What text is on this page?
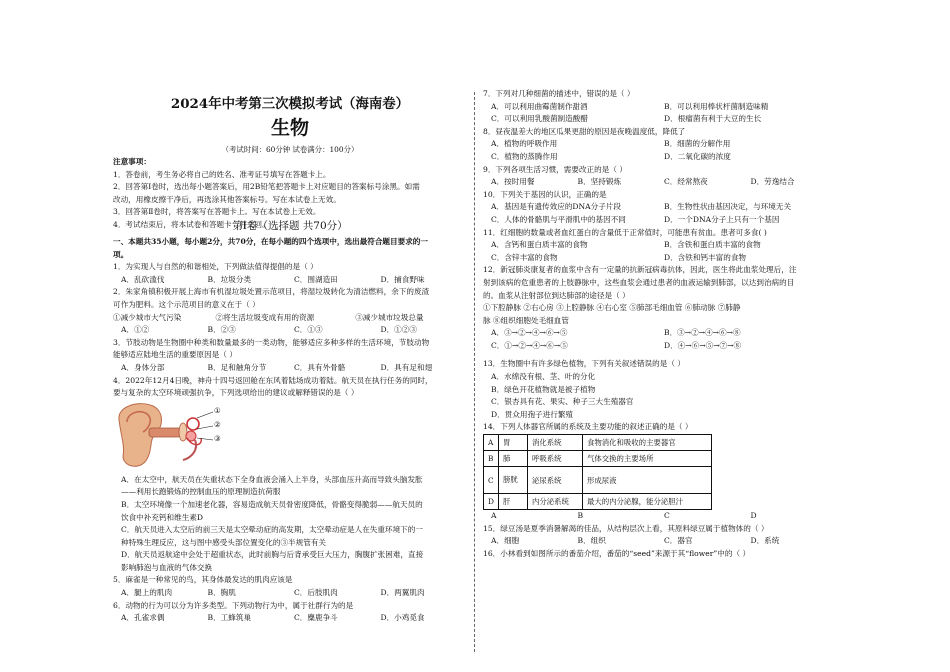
2024年中考第三次模拟考试（海南卷）
生物
（考试时间：60分钟 试卷满分：100分）
注意事项：
1．答卷前，考生务必将自己的姓名、准考证号填写在答题卡上。
2．回答第Ⅰ卷时，选出每小题答案后，用2B铅笔把答题卡上对应题目的答案标号涂黑。如需
改动，用橡皮擦干净后，再选涂其他答案标号。写在本试卷上无效。
3．回答第Ⅱ卷时，将答案写在答题卡上。写在本试卷上无效。
4．考试结束后，将本试卷和答题卡一并交回。
第Ⅰ卷（选择题 共70分）
一、本题共35小题，每小题2分，共70分，在每小题的四个选项中，选出最符合题目要求的一
项。
1．为实现人与自然的和谐相处，下列做法值得提倡的是（ ）
A．乱砍滥伐	B．垃圾分类	C．围湖造田	D．捕食野味
2．朱家角镇积极开展上海市有机湿垃圾处置示范项目，将湿垃圾转化为清洁燃料，余下的废渣
可作为肥料。这个示范项目的意义在于（ ）
①减少城市大气污染	②将生活垃圾变成有用的资源	③减少城市垃圾总量
A．①②	B．②③	C．①③	D．①②③
3．节肢动物是生物圈中种类和数量最多的一类动物，能够适应多种多样的生活环境，节肢动物
能够适应陆地生活的重要原因是（ ）
A．身体分部	B．足和触角分节	C．具有外骨骼	D．具有足和翅
4．2022年12月4日晚，神舟十四号返回舱在东风着陆场成功着陆。航天员在执行任务的同时，
要与复杂的太空环境顽强抗争，下列选项给出的建议或解释错误的是（ ）
①
②
③
A．在太空中，航天员在失重状态下全身血液会涌入上半身，头部血压升高而导致头脑发胀
——利用长跑锻炼的控制血压的原理制造抗荷服
B．太空环境像一个加速老化器，容易造成航天员骨密度降低，骨骼变得脆弱——航天员的
饮食中补充钙和维生素D
C．航天员进入太空后的前三天是太空晕动症的高发期，太空晕动症是人在失重环境下的一
种特殊生理反应，这与图中感受头部位置变化的③半规管有关
D．航天员返航途中会处于超重状态，此时前胸与后背承受巨大压力，胸腹扩张困难，直接
影响肺泡与血液的气体交换
5．麻雀是一种常见的鸟，其身体最发达的肌肉应该是
A．腿上的肌肉	B．胸肌	C．后肢肌肉	D．两翼肌肉
6．动物的行为可以分为许多类型。下列动物行为中，属于社群行为的是
A．孔雀求偶	B．工蜂筑巢	C．麋鹿争斗	D．小鸡觅食
7．下列对几种细菌的描述中，错误的是（ ）
A．可以利用曲霉菌制作甜酒	B．可以利用棒状杆菌制造味精
C．可以利用乳酸菌制造酸醋	D．根瘤菌有利于大豆的生长
8．昼夜温差大的地区瓜果更甜的原因是夜晚温度低，降低了
A．植物的呼吸作用	B．细菌的分解作用
C．植物的蒸腾作用	D．二氧化碳的浓度
9．下列各项生活习惯，需要改正的是（ ）
A．按时用餐	B．坚持锻炼	C．经常熬夜	D．劳逸结合
10．下列关于基因的认识，正确的是
A．基因是有遗传效应的DNA分子片段	B．生物性状由基因决定，与环境无关
C．人体的骨骼肌与平滑肌中的基因不同	D．一个DNA分子上只有一个基因
11．红细胞的数量或者血红蛋白的含量低于正常值时，可能患有贫血。患者可多食( )
A．含钙和蛋白质丰富的食物	B．含铁和蛋白质丰富的食物
C．含锌丰富的食物	D．含铁和钙丰富的食物
12．新冠肺炎康复者的血浆中含有一定量的抗新冠病毒抗体，因此，医生将此血浆处理后，注
射到该病的危重患者的上肢静脉中，这些血浆会通过患者的血液运输到肺部，以达到治病的目
的。血浆从注射部位到达肺部的途径是（ ）
①下腔静脉 ②右心房 ③上腔静脉 ④右心室 ⑤肺部毛细血管 ⑥肺动脉 ⑦肺静
脉 ⑧组织细胞处毛细血管
A．③→②→④→⑥→⑤	B．③→②→④→⑥→⑧
C．①→②→④→⑥→⑤	D．④→⑥→⑤→⑦→⑧
13．生物圈中有许多绿色植物，下列有关叙述错误的是（ ）
A．水绵没有根、茎、叶的分化
B．绿色开花植物就是被子植物
C．银杏具有花、果实、种子三大生殖器官
D．贯众用孢子进行繁殖
14．下列人体器官所属的系统及主要功能的叙述正确的是（ ）
A	胃	消化系统	食物消化和吸收的主要器官
B	肺	呼吸系统	气体交换的主要场所
C	膀胱	泌尿系统	形成尿液
D	肝	内分泌系统	最大的内分泌腺，能分泌胆汁
A	B	C	D
15．绿豆汤是夏季消暑解渴的佳品，从结构层次上看，其原料绿豆属于植物体的（ ）
A．细胞	B．组织	C．器官	D．系统
16．小林看到如图所示的番茄介绍，番茄的“seed”来源于其“flower”中的（ ）
